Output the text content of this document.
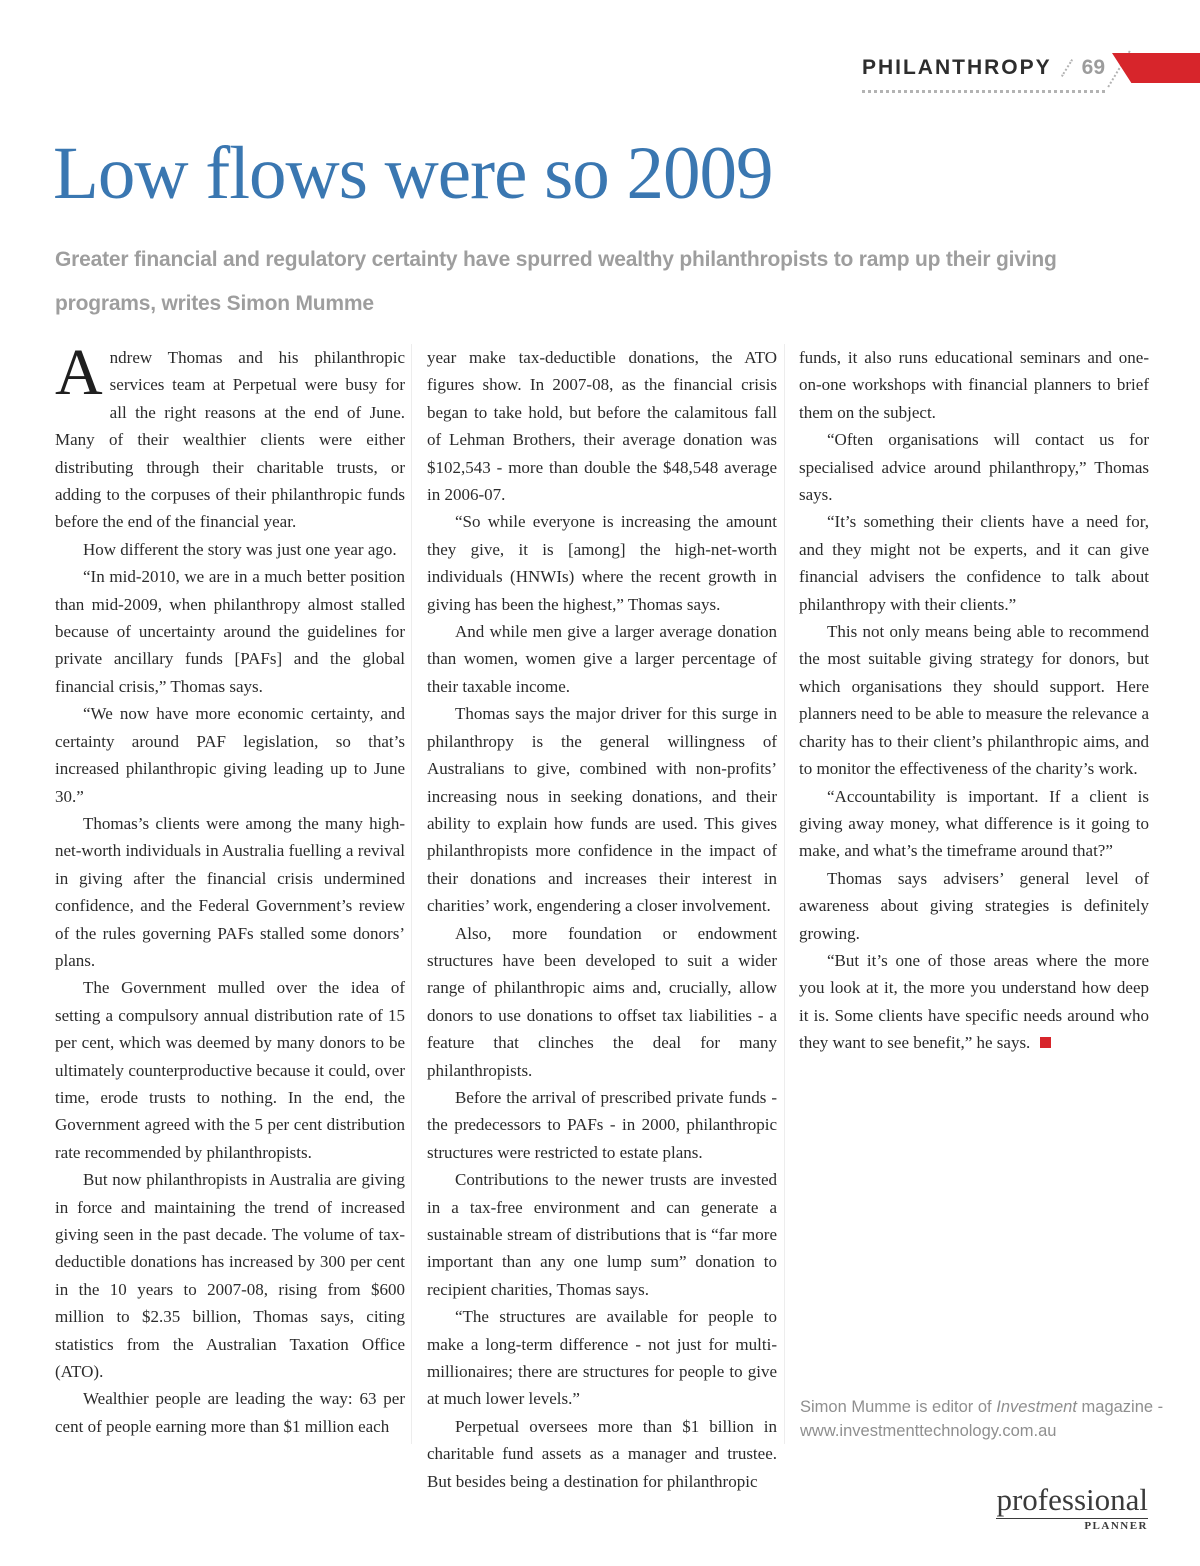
PHILANTHROPY 69
Low flows were so 2009

Greater financial and regulatory certainty have spurred wealthy philanthropists to ramp up their giving programs, writes Simon Mumme

Andrew Thomas and his philanthropic services team at Perpetual were busy for all the right reasons at the end of June. Many of their wealthier clients were either distributing through their charitable trusts, or adding to the corpuses of their philanthropic funds before the end of the financial year.

How different the story was just one year ago.

“In mid-2010, we are in a much better position than mid-2009, when philanthropy almost stalled because of uncertainty around the guidelines for private ancillary funds [PAFs] and the global financial crisis,” Thomas says.

“We now have more economic certainty, and certainty around PAF legislation, so that’s increased philanthropic giving leading up to June 30.”

Thomas’s clients were among the many high-net-worth individuals in Australia fuelling a revival in giving after the financial crisis undermined confidence, and the Federal Government’s review of the rules governing PAFs stalled some donors’ plans.

The Government mulled over the idea of setting a compulsory annual distribution rate of 15 per cent, which was deemed by many donors to be ultimately counterproductive because it could, over time, erode trusts to nothing. In the end, the Government agreed with the 5 per cent distribution rate recommended by philanthropists.

But now philanthropists in Australia are giving in force and maintaining the trend of increased giving seen in the past decade. The volume of tax-deductible donations has increased by 300 per cent in the 10 years to 2007-08, rising from $600 million to $2.35 billion, Thomas says, citing statistics from the Australian Taxation Office (ATO).

Wealthier people are leading the way: 63 per cent of people earning more than $1 million each

year make tax-deductible donations, the ATO figures show. In 2007-08, as the financial crisis began to take hold, but before the calamitous fall of Lehman Brothers, their average donation was $102,543 - more than double the $48,548 average in 2006-07.

“So while everyone is increasing the amount they give, it is [among] the high-net-worth individuals (HNWIs) where the recent growth in giving has been the highest,” Thomas says.

And while men give a larger average donation than women, women give a larger percentage of their taxable income.

Thomas says the major driver for this surge in philanthropy is the general willingness of Australians to give, combined with non-profits’ increasing nous in seeking donations, and their ability to explain how funds are used. This gives philanthropists more confidence in the impact of their donations and increases their interest in charities’ work, engendering a closer involvement.

Also, more foundation or endowment structures have been developed to suit a wider range of philanthropic aims and, crucially, allow donors to use donations to offset tax liabilities - a feature that clinches the deal for many philanthropists.

Before the arrival of prescribed private funds - the predecessors to PAFs - in 2000, philanthropic structures were restricted to estate plans.

Contributions to the newer trusts are invested in a tax-free environment and can generate a sustainable stream of distributions that is “far more important than any one lump sum” donation to recipient charities, Thomas says.

“The structures are available for people to make a long-term difference - not just for multi-millionaires; there are structures for people to give at much lower levels.”

Perpetual oversees more than $1 billion in charitable fund assets as a manager and trustee. But besides being a destination for philanthropic

funds, it also runs educational seminars and one-on-one workshops with financial planners to brief them on the subject.

“Often organisations will contact us for specialised advice around philanthropy,” Thomas says.

“It’s something their clients have a need for, and they might not be experts, and it can give financial advisers the confidence to talk about philanthropy with their clients.”

This not only means being able to recommend the most suitable giving strategy for donors, but which organisations they should support. Here planners need to be able to measure the relevance a charity has to their client’s philanthropic aims, and to monitor the effectiveness of the charity’s work.

“Accountability is important. If a client is giving away money, what difference is it going to make, and what’s the timeframe around that?”

Thomas says advisers’ general level of awareness about giving strategies is definitely growing.

“But it’s one of those areas where the more you look at it, the more you understand how deep it is. Some clients have specific needs around who they want to see benefit,” he says.

Simon Mumme is editor of Investment magazine - www.investmenttechnology.com.au

professional
PLANNER
